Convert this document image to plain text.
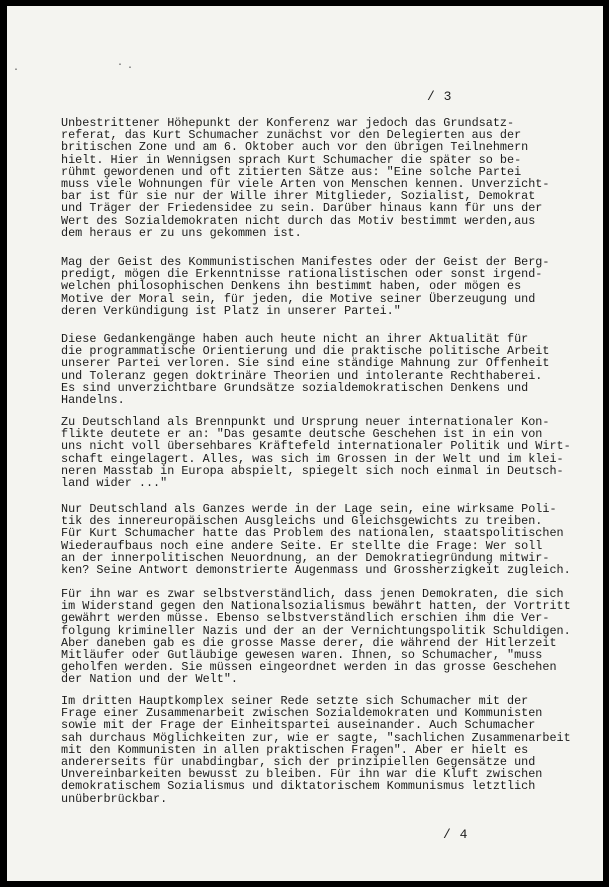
·	· ·
/ 3
Unbestrittener Höhepunkt der Konferenz war jedoch das Grundsatz-
referat, das Kurt Schumacher zunächst vor den Delegierten aus der
britischen Zone und am 6. Oktober auch vor den übrigen Teilnehmern
hielt. Hier in Wennigsen sprach Kurt Schumacher die später so be-
rühmt gewordenen und oft zitierten Sätze aus: "Eine solche Partei
muss viele Wohnungen für viele Arten von Menschen kennen. Unverzicht-
bar ist für sie nur der Wille ihrer Mitglieder, Sozialist, Demokrat
und Träger der Friedensidee zu sein. Darüber hinaus kann für uns der
Wert des Sozialdemokraten nicht durch das Motiv bestimmt werden,aus
dem heraus er zu uns gekommen ist.
Mag der Geist des Kommunistischen Manifestes oder der Geist der Berg-
predigt, mögen die Erkenntnisse rationalistischen oder sonst irgend-
welchen philosophischen Denkens ihn bestimmt haben, oder mögen es
Motive der Moral sein, für jeden, die Motive seiner Überzeugung und
deren Verkündigung ist Platz in unserer Partei."
Diese Gedankengänge haben auch heute nicht an ihrer Aktualität für
die programmatische Orientierung und die praktische politische Arbeit
unserer Partei verloren. Sie sind eine ständige Mahnung zur Offenheit
und Toleranz gegen doktrinäre Theorien und intolerante Rechthaberei.
Es sind unverzichtbare Grundsätze sozialdemokratischen Denkens und
Handelns.
Zu Deutschland als Brennpunkt und Ursprung neuer internationaler Kon-
flikte deutete er an: "Das gesamte deutsche Geschehen ist in ein von
uns nicht voll übersehbares Kräftefeld internationaler Politik und Wirt-
schaft eingelagert. Alles, was sich im Grossen in der Welt und im klei-
neren Masstab in Europa abspielt, spiegelt sich noch einmal in Deutsch-
land wider ..."
Nur Deutschland als Ganzes werde in der Lage sein, eine wirksame Poli-
tik des innereuropäischen Ausgleichs und Gleichsgewichts zu treiben.
Für Kurt Schumacher hatte das Problem des nationalen, staatspolitischen
Wiederaufbaus noch eine andere Seite. Er stellte die Frage: Wer soll
an der innerpolitischen Neuordnung, an der Demokratiegründung mitwir-
ken? Seine Antwort demonstrierte Augenmass und Grossherzigkeit zugleich.
Für ihn war es zwar selbstverständlich, dass jenen Demokraten, die sich
im Widerstand gegen den Nationalsozialismus bewährt hatten, der Vortritt
gewährt werden müsse. Ebenso selbstverständlich erschien ihm die Ver-
folgung krimineller Nazis und der an der Vernichtungspolitik Schuldigen.
Aber daneben gab es die grosse Masse derer, die während der Hitlerzeit
Mitläufer oder Gutläubige gewesen waren. Ihnen, so Schumacher, "muss
geholfen werden. Sie müssen eingeordnet werden in das grosse Geschehen
der Nation und der Welt".
Im dritten Hauptkomplex seiner Rede setzte sich Schumacher mit der
Frage einer Zusammenarbeit zwischen Sozialdemokraten und Kommunisten
sowie mit der Frage der Einheitspartei auseinander. Auch Schumacher
sah durchaus Möglichkeiten zur, wie er sagte, "sachlichen Zusammenarbeit
mit den Kommunisten in allen praktischen Fragen". Aber er hielt es
andererseits für unabdingbar, sich der prinzipiellen Gegensätze und
Unvereinbarkeiten bewusst zu bleiben. Für ihn war die Kluft zwischen
demokratischem Sozialismus und diktatorischem Kommunismus letztlich
unüberbrückbar.
/ 4
